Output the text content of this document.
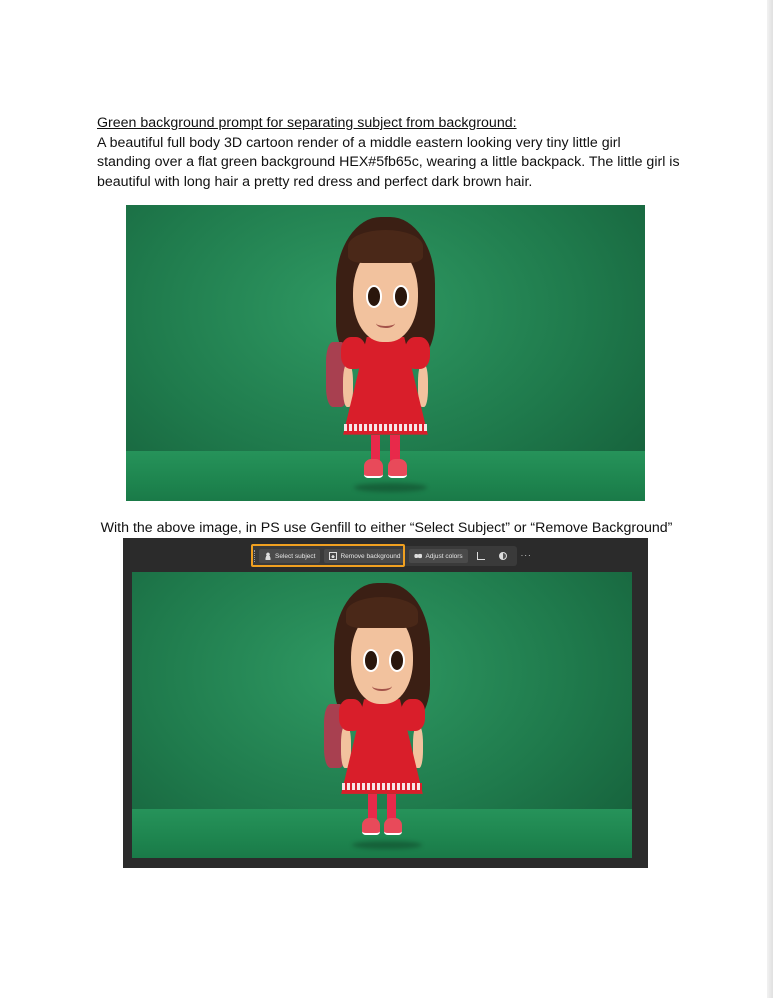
Green background prompt for separating subject from background:
A beautiful full body 3D cartoon render of a middle eastern looking very tiny little girl
standing over a flat green background HEX#5fb65c, wearing a little backpack. The little girl is
beautiful with long hair a pretty red dress and perfect dark brown hair.
With the above image, in PS use Genfill to either “Select Subject” or “Remove Background”
Select subject	Remove background	Adjust colors	···
